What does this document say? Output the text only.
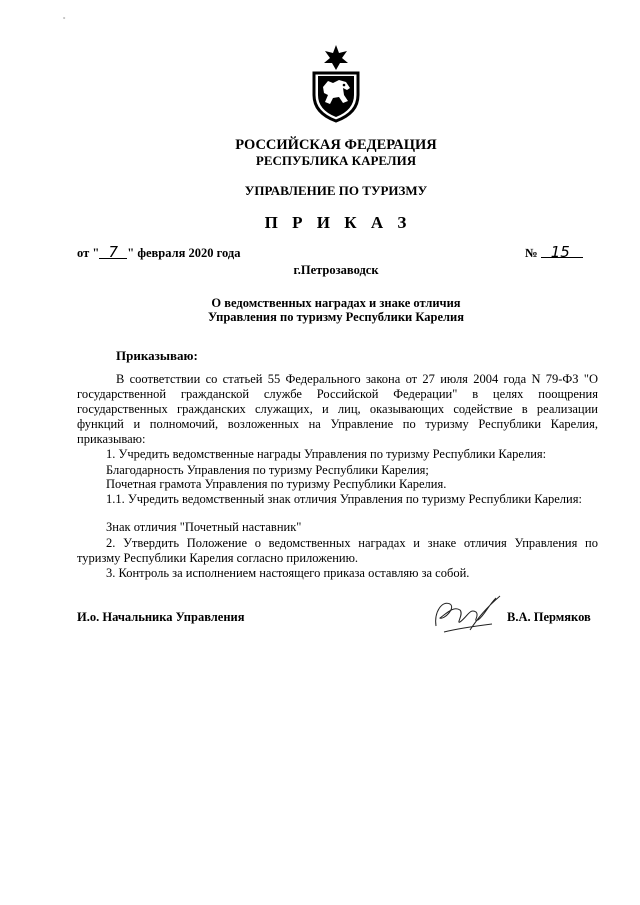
°
РОССИЙСКАЯ ФЕДЕРАЦИЯ
РЕСПУБЛИКА КАРЕЛИЯ
УПРАВЛЕНИЕ ПО ТУРИЗМУ
П Р И К А З
от " 7 " февраля 2020 года	№ 15
г.Петрозаводск
О ведомственных наградах и знаке отличия
Управления по туризму Республики Карелия
Приказываю:
В соответствии со статьей 55 Федерального закона от 27 июля 2004 года N 79-ФЗ "О государственной гражданской службе Российской Федерации" в целях поощрения государственных гражданских служащих, и лиц, оказывающих содействие в реализации функций и полномочий, возложенных на Управление по туризму Республики Карелия, приказываю:
1. Учредить ведомственные награды Управления по туризму Республики Карелия:
Благодарность Управления по туризму Республики Карелия;
Почетная грамота Управления по туризму Республики Карелия.
1.1. Учредить ведомственный знак отличия Управления по туризму Республики Карелия:
Знак отличия "Почетный наставник"
2. Утвердить Положение о ведомственных наградах и знаке отличия Управления по туризму Республики Карелия согласно приложению.
3. Контроль за исполнением настоящего приказа оставляю за собой.
И.о. Начальника Управления	В.А. Пермяков
